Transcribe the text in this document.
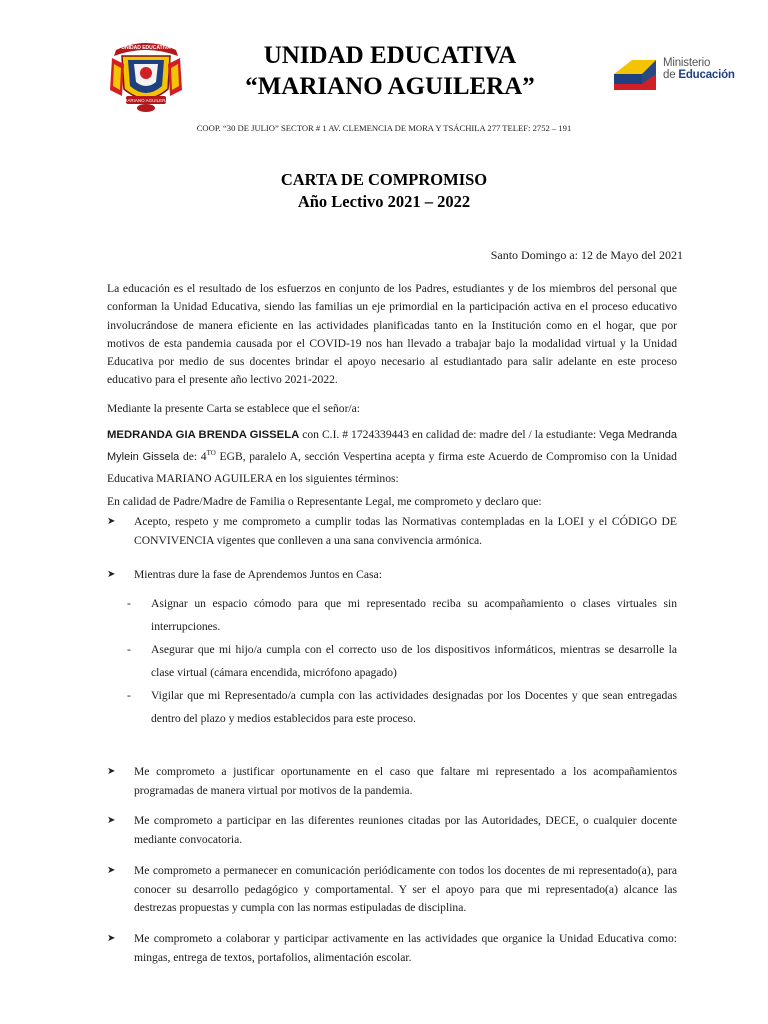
UNIDAD EDUCATIVA
MARIANO AGUILERA
UNIDAD EDUCATIVA
“MARIANO AGUILERA”
Ministerio
de Educación
COOP. “30 DE JULIO” SECTOR # 1 AV. CLEMENCIA DE MORA Y TSÁCHILA 277 TELEF: 2752 – 191
CARTA DE COMPROMISO
Año Lectivo 2021 – 2022
Santo Domingo a: 12 de Mayo del 2021
La educación es el resultado de los esfuerzos en conjunto de los Padres, estudiantes y de los miembros del personal que conforman la Unidad Educativa, siendo las familias un eje primordial en la participación activa en el proceso educativo involucrándose de manera eficiente en las actividades planificadas tanto en la Institución como en el hogar, que por motivos de esta pandemia causada por el COVID-19 nos han llevado a trabajar bajo la modalidad virtual y la Unidad Educativa por medio de sus docentes brindar el apoyo necesario al estudiantado para salir adelante en este proceso educativo para el presente año lectivo 2021-2022.
Mediante la presente Carta se establece que el señor/a:
MEDRANDA GIA BRENDA GISSELA con C.I. # 1724339443 en calidad de: madre del / la estudiante: Vega Medranda Mylein Gissela de: $4^{TO}$ EGB, paralelo A, sección Vespertina acepta y firma este Acuerdo de Compromiso con la Unidad Educativa MARIANO AGUILERA en los siguientes términos:
En calidad de Padre/Madre de Familia o Representante Legal, me comprometo y declaro que:
➤	Acepto, respeto y me comprometo a cumplir todas las Normativas contempladas en la LOEI y el CÓDIGO DE CONVIVENCIA vigentes que conlleven a una sana convivencia armónica.
➤	Mientras dure la fase de Aprendemos Juntos en Casa:
- Asignar un espacio cómodo para que mi representado reciba su acompañamiento o clases virtuales sin interrupciones.
- Asegurar que mi hijo/a cumpla con el correcto uso de los dispositivos informáticos, mientras se desarrolle la clase virtual (cámara encendida, micrófono apagado)
- Vigilar que mi Representado/a cumpla con las actividades designadas por los Docentes y que sean entregadas dentro del plazo y medios establecidos para este proceso.
➤	Me comprometo a justificar oportunamente en el caso que faltare mi representado a los acompañamientos programadas de manera virtual por motivos de la pandemia.
➤	Me comprometo a participar en las diferentes reuniones citadas por las Autoridades, DECE, o cualquier docente mediante convocatoria.
➤	Me comprometo a permanecer en comunicación periódicamente con todos los docentes de mi representado(a), para conocer su desarrollo pedagógico y comportamental. Y ser el apoyo para que mi representado(a) alcance las destrezas propuestas y cumpla con las normas estipuladas de disciplina.
➤	Me comprometo a colaborar y participar activamente en las actividades que organice la Unidad Educativa como: mingas, entrega de textos, portafolios, alimentación escolar.
